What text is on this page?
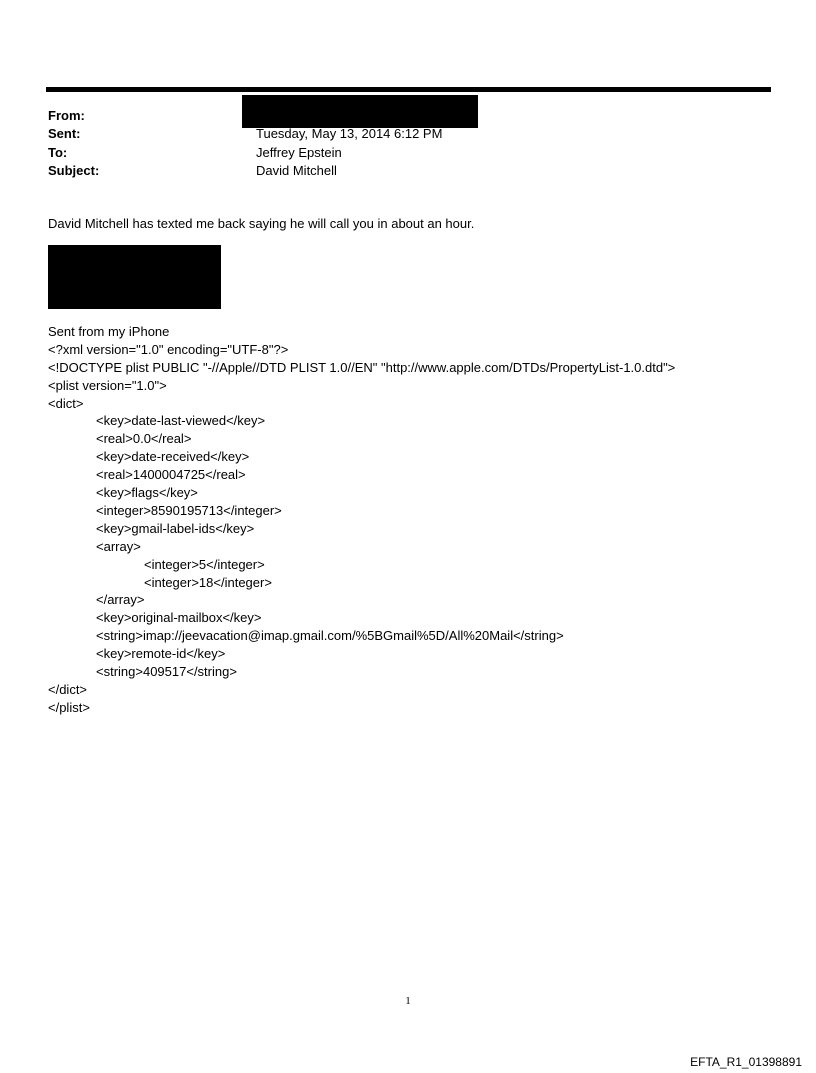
From:
Sent:	Tuesday, May 13, 2014 6:12 PM
To:	Jeffrey Epstein
Subject:	David Mitchell
David Mitchell has texted me back saying he will call you in about an hour.
Sent from my iPhone
<?xml version="1.0" encoding="UTF-8"?>
<!DOCTYPE plist PUBLIC "-//Apple//DTD PLIST 1.0//EN" "http://www.apple.com/DTDs/PropertyList-1.0.dtd">
<plist version="1.0">
<dict>
<key>date-last-viewed</key>
<real>0.0</real>
<key>date-received</key>
<real>1400004725</real>
<key>flags</key>
<integer>8590195713</integer>
<key>gmail-label-ids</key>
<array>
<integer>5</integer>
<integer>18</integer>
</array>
<key>original-mailbox</key>
<string>imap://jeevacation@imap.gmail.com/%5BGmail%5D/All%20Mail</string>
<key>remote-id</key>
<string>409517</string>
</dict>
</plist>
1
EFTA_R1_01398891
